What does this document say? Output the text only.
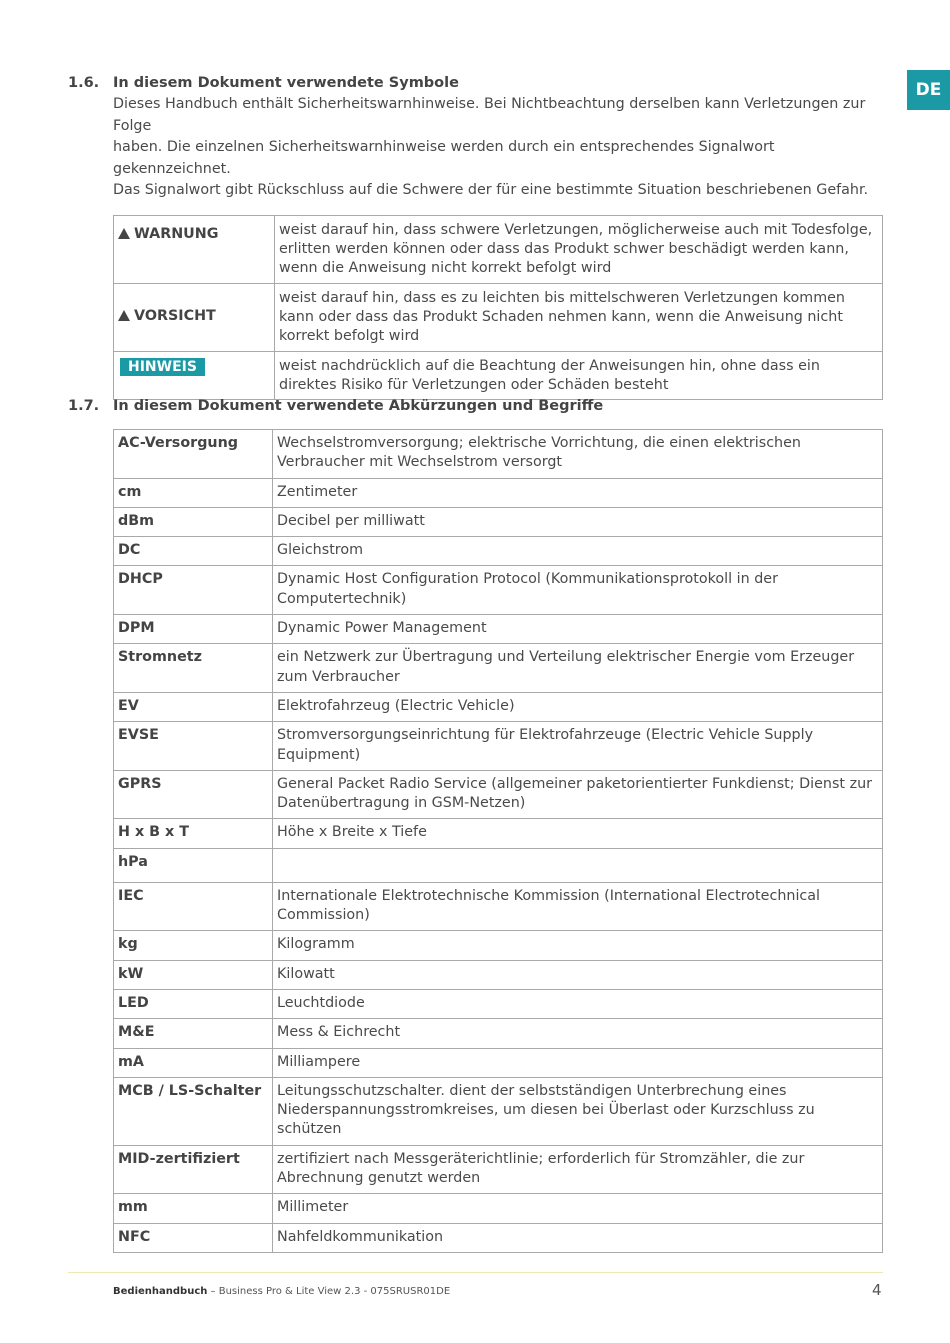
DE
1.6. In diesem Dokument verwendete Symbole
Dieses Handbuch enthält Sicherheitswarnhinweise. Bei Nichtbeachtung derselben kann Verletzungen zur Folge
haben. Die einzelnen Sicherheitswarnhinweise werden durch ein entsprechendes Signalwort gekennzeichnet.
Das Signalwort gibt Rückschluss auf die Schwere der für eine bestimmte Situation beschriebenen Gefahr.
WARNUNG	weist darauf hin, dass schwere Verletzungen, möglicherweise auch mit Todesfolge, erlitten werden können oder dass das Produkt schwer beschädigt werden kann, wenn die Anweisung nicht korrekt befolgt wird
VORSICHT	weist darauf hin, dass es zu leichten bis mittelschweren Verletzungen kommen kann oder dass das Produkt Schaden nehmen kann, wenn die Anweisung nicht korrekt befolgt wird
HINWEIS	weist nachdrücklich auf die Beachtung der Anweisungen hin, ohne dass ein direktes Risiko für Verletzungen oder Schäden besteht
1.7. In diesem Dokument verwendete Abkürzungen und Begriffe
AC-Versorgung	Wechselstromversorgung; elektrische Vorrichtung, die einen elektrischen Verbraucher mit Wechselstrom versorgt
cm	Zentimeter
dBm	Decibel per milliwatt
DC	Gleichstrom
DHCP	Dynamic Host Configuration Protocol (Kommunikationsprotokoll in der Computertechnik)
DPM	Dynamic Power Management
Stromnetz	ein Netzwerk zur Übertragung und Verteilung elektrischer Energie vom Erzeuger zum Verbraucher
EV	Elektrofahrzeug (Electric Vehicle)
EVSE	Stromversorgungseinrichtung für Elektrofahrzeuge (Electric Vehicle Supply Equipment)
GPRS	General Packet Radio Service (allgemeiner paketorientierter Funkdienst; Dienst zur Datenübertragung in GSM-Netzen)
H x B x T	Höhe x Breite x Tiefe
hPa	
IEC	Internationale Elektrotechnische Kommission (International Electrotechnical Commission)
kg	Kilogramm
kW	Kilowatt
LED	Leuchtdiode
M&E	Mess & Eichrecht
mA	Milliampere
MCB / LS-Schalter	Leitungsschutzschalter. dient der selbstständigen Unterbrechung eines Niederspannungsstromkreises, um diesen bei Überlast oder Kurzschluss zu schützen
MID-zertifiziert	zertifiziert nach Messgeräterichtlinie; erforderlich für Stromzähler, die zur Abrechnung genutzt werden
mm	Millimeter
NFC	Nahfeldkommunikation
Bedienhandbuch – Business Pro & Lite View 2.3 - 075SRUSR01DE	4
